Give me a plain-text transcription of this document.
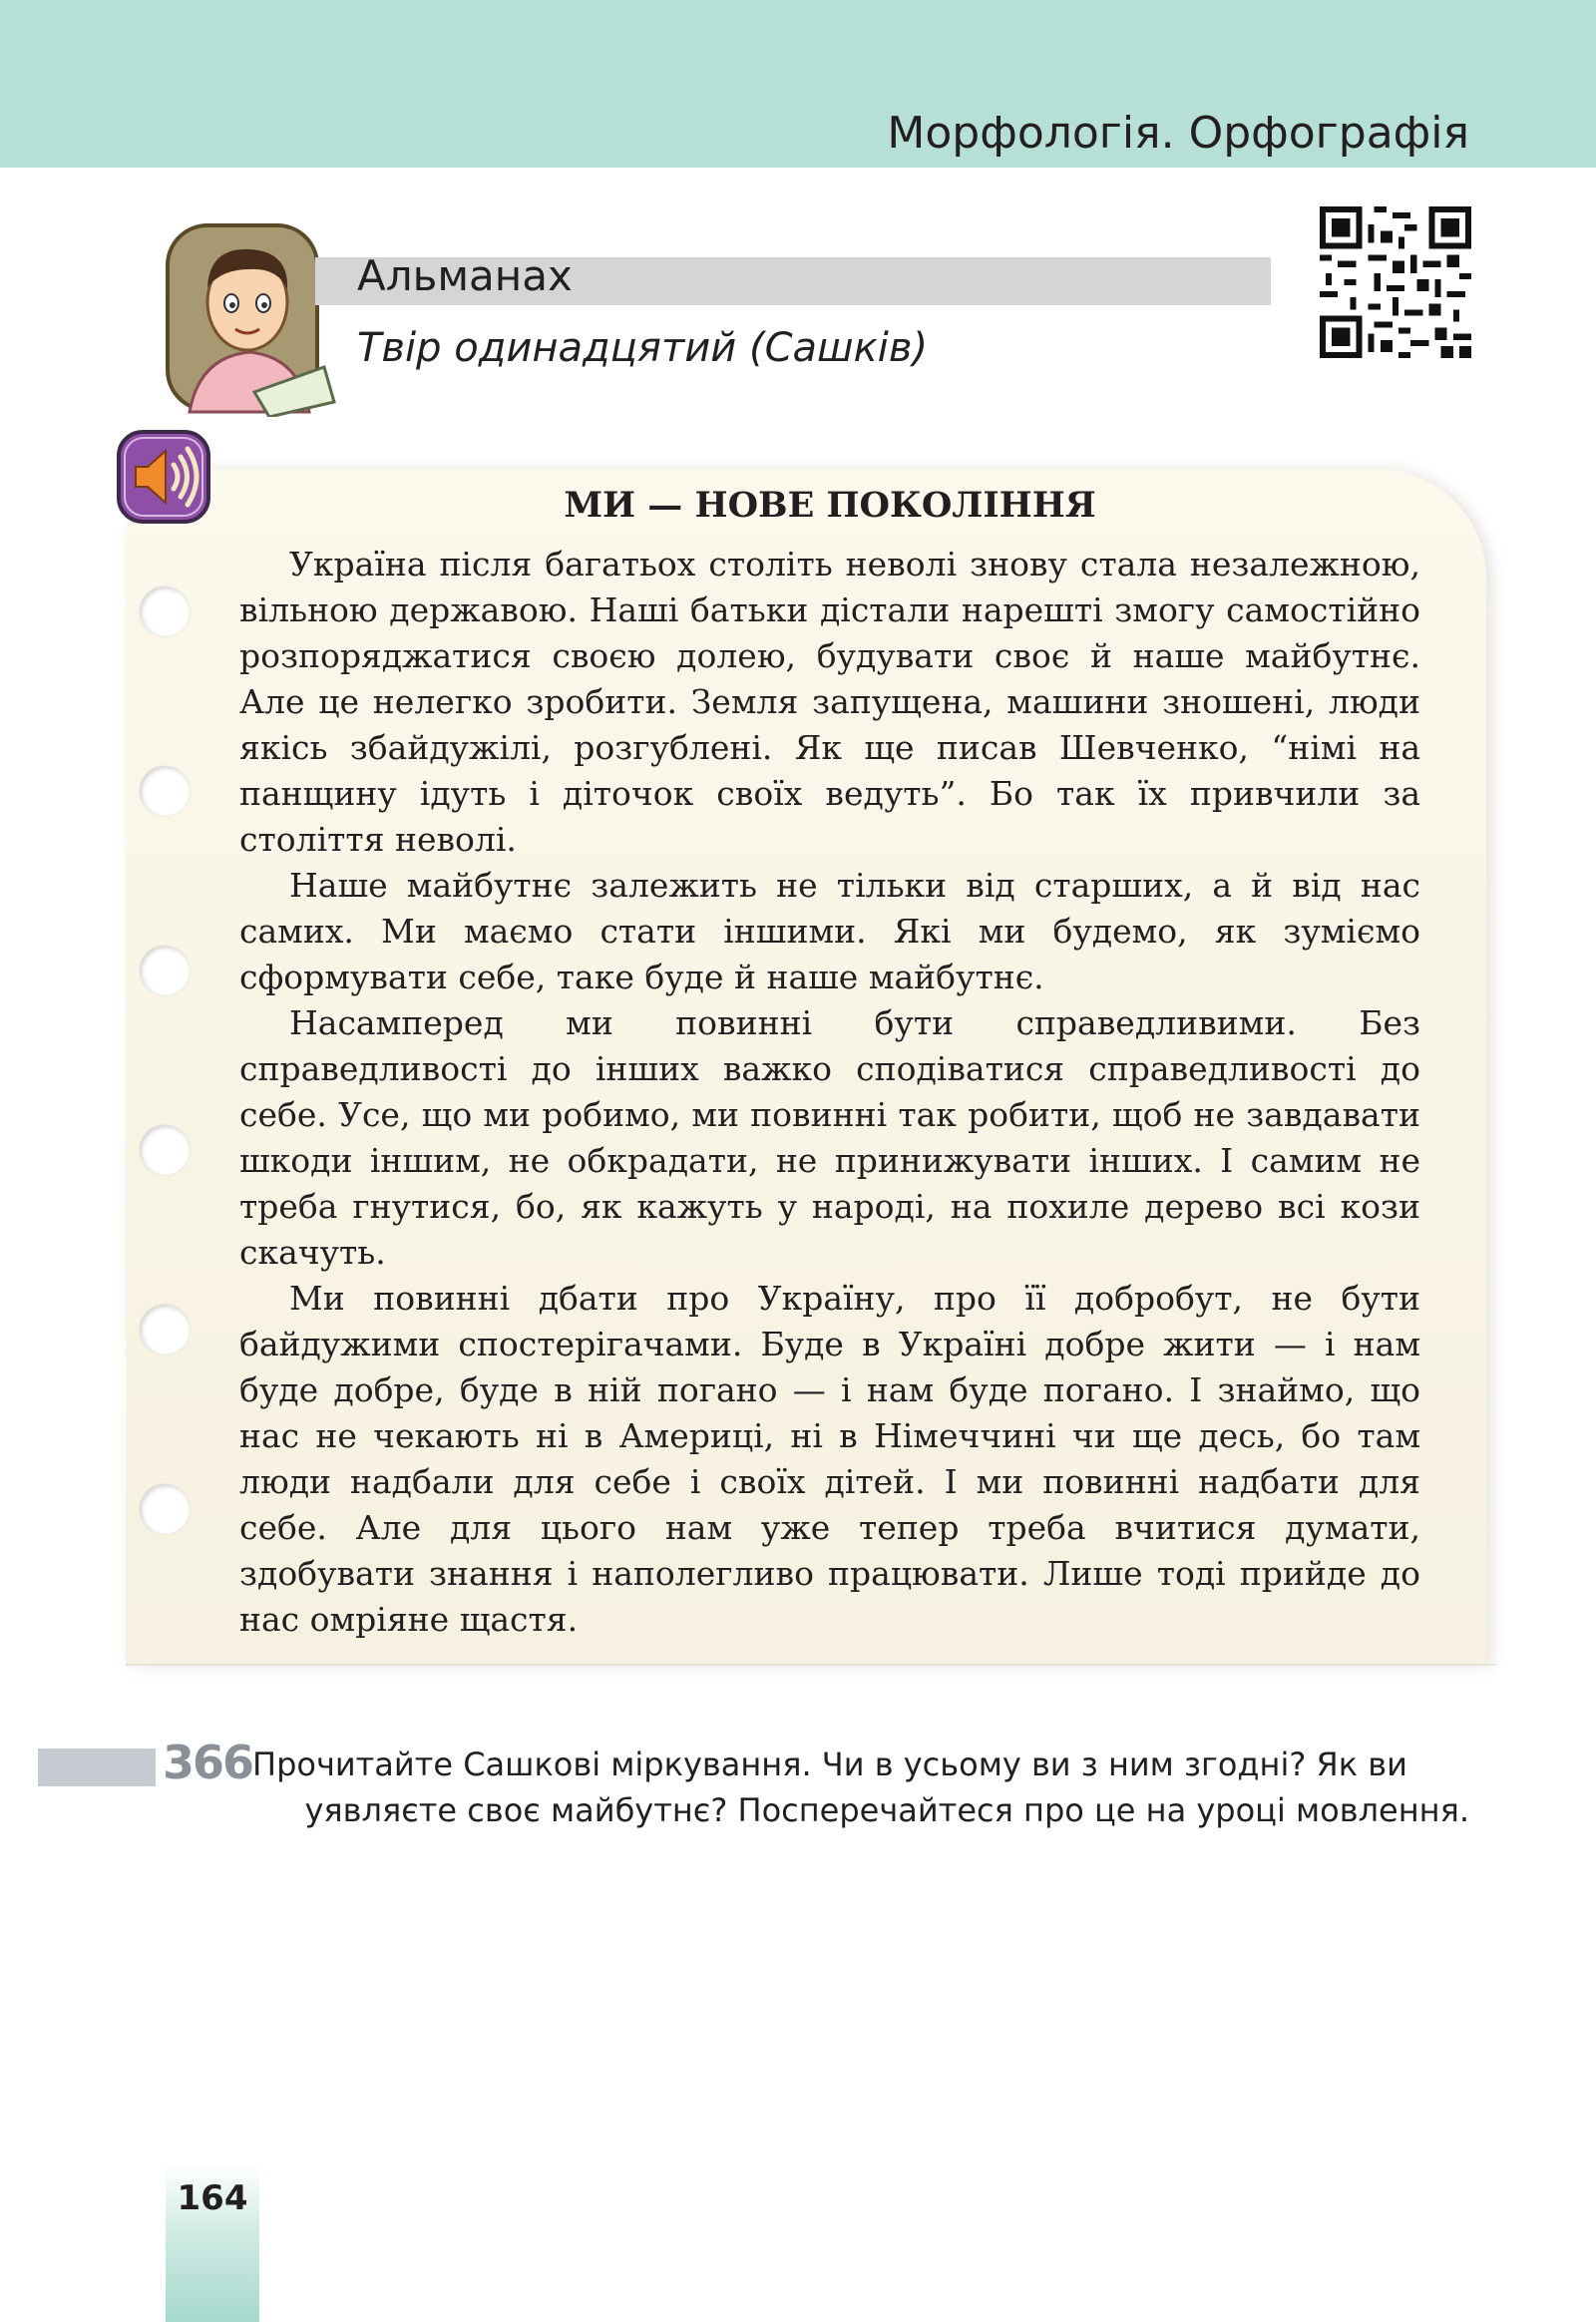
Морфологія. Орфографія
Альманах
Твір одинадцятий (Сашків)
МИ — НОВЕ ПОКОЛІННЯ

Україна після багатьох століть неволі знову стала незалежною, вільною державою. Наші батьки дістали нарешті змогу самостійно розпоряджатися своєю долею, будувати своє й наше майбутнє. Але це нелегко зробити. Земля запущена, машини зношені, люди якісь збайдужілі, розгублені. Як ще писав Шевченко, “німі на панщину ідуть і діточок своїх ведуть”. Бо так їх привчили за століття неволі.

Наше майбутнє залежить не тільки від старших, а й від нас самих. Ми маємо стати іншими. Які ми будемо, як зуміємо сформувати себе, таке буде й наше майбутнє.

Насамперед ми повинні бути справедливими. Без справедливості до інших важко сподіватися справедливості до себе. Усе, що ми робимо, ми повинні так робити, щоб не завдавати шкоди іншим, не обкрадати, не принижувати інших. І самим не треба гнутися, бо, як кажуть у народі, на похиле дерево всі кози скачуть.

Ми повинні дбати про Україну, про її добробут, не бути байдужими спостерігачами. Буде в Україні добре жити — і нам буде добре, буде в ній погано — і нам буде погано. І знаймо, що нас не чекають ні в Америці, ні в Німеччині чи ще десь, бо там люди надбали для себе і своїх дітей. І ми повинні надбати для себе. Але для цього нам уже тепер треба вчитися думати, здобувати знання і наполегливо працювати. Лише тоді прийде до нас омріяне щастя.

366 Прочитайте Сашкові міркування. Чи в усьому ви з ним згодні? Як ви
уявляєте своє майбутнє? Посперечайтеся про це на уроці мовлення.
164
